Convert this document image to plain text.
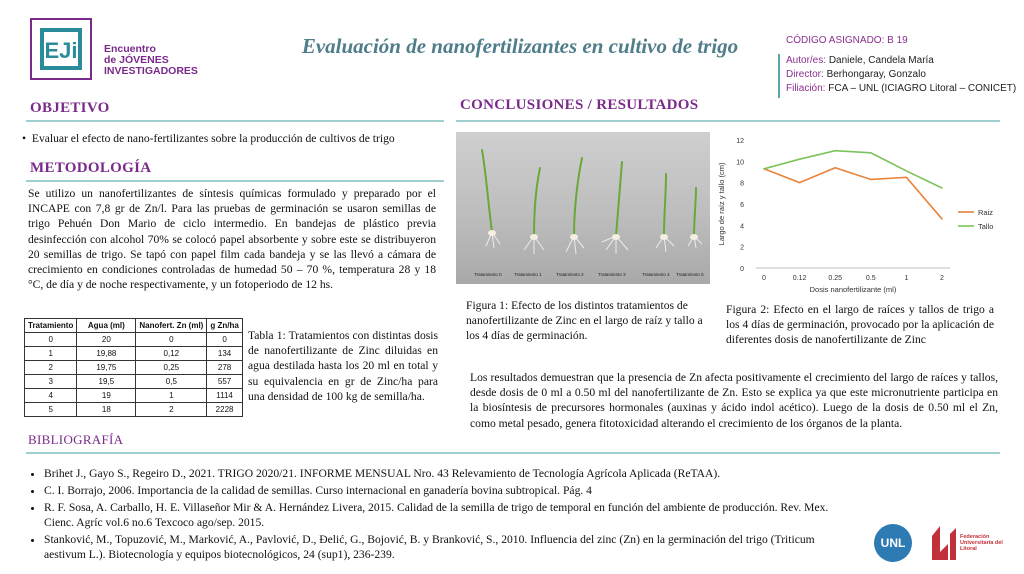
EJi	Encuentro
de JÓVENES
INVESTIGADORES
Evaluación de nanofertilizantes en cultivo de trigo	CÓDIGO ASIGNADO: B 19
Autor/es: Daniele, Candela María
Director: Berhongaray, Gonzalo
Filiación: FCA – UNL (ICIAGRO Litoral – CONICET)
OBJETIVO
•  Evaluar el efecto de nano-fertilizantes sobre la producción de cultivos de trigo
METODOLOGÍA
Se utilizo un nanofertilizantes de síntesis químicas formulado y preparado por el INCAPE con 7,8 gr de Zn/l. Para las pruebas de germinación se usaron semillas de trigo Pehuén Don Mario de ciclo intermedio. En bandejas de plástico previa desinfección con alcohol 70% se colocó papel absorbente y sobre este se distribuyeron 20 semillas de trigo. Se tapó con papel film cada bandeja y se las llevó a cámara de crecimiento en condiciones controladas de humedad 50 – 70 %, temperatura 28 y 18 °C, de día y de noche respectivamente, y un fotoperiodo de 12 hs.
Tratamiento	Agua (ml)	Nanofert. Zn (ml)	g Zn/ha
0	20	0	0
1	19,88	0,12	134
2	19,75	0,25	278
3	19,5	0,5	557
4	19	1	1114
5	18	2	2228
Tabla 1: Tratamientos con distintas dosis de nanofertilizante de Zinc diluidas en agua destilada hasta los 20 ml en total y su equivalencia en gr de Zinc/ha para una densidad de 100 kg de semilla/ha.
CONCLUSIONES / RESULTADOS
Tratamiento 0	Tratamiento 1	Tratamiento 2	Tratamiento 3	Tratamiento 4 Tratamiento 5
Figura 1: Efecto de los distintos tratamientos de nanofertilizante de Zinc en el largo de raíz y tallo a los 4 días de germinación.
0
2
4
6
8
10
12
0	0.12	0.25	0.5	1	2
Dosis nanofertilizante (ml)
Largo de raíz y tallo (cm)	Raiz
Tallo
Figura 2: Efecto en el largo de raíces y tallos de trigo a los 4 días de germinación, provocado por la aplicación de diferentes dosis de nanofertilizante de Zinc
Los resultados demuestran que la presencia de Zn afecta positivamente el crecimiento del largo de raíces y tallos, desde dosis de 0 ml a 0.50 ml del nanofertilizante de Zn. Esto se explica ya que este micronutriente participa en la biosíntesis de precursores hormonales (auxinas y ácido indol acético). Luego de la dosis de 0.50 ml el Zn, como metal pesado, genera fitotoxicidad alterando el crecimiento de los órganos de la planta.
BIBLIOGRAFÍA
• Brihet J., Gayo S., Regeiro D., 2021. TRIGO 2020/21. INFORME MENSUAL Nro. 43 Relevamiento de Tecnología Agrícola Aplicada (ReTAA).
• C. I. Borrajo, 2006. Importancia de la calidad de semillas. Curso internacional en ganadería bovina subtropical. Pág. 4
• R. F. Sosa, A. Carballo, H. E. Villaseñor Mir & A. Hernández Livera, 2015. Calidad de la semilla de trigo de temporal en función del ambiente de producción. Rev. Mex. Cienc. Agríc vol.6 no.6 Texcoco ago/sep. 2015.
• Stanković, M., Topuzović, M., Marković, A., Pavlović, D., Đelić, G., Bojović, B. y Branković, S., 2010. Influencia del zinc (Zn) en la germinación del trigo (Triticum aestivum L.). Biotecnología y equipos biotecnológicos, 24 (sup1), 236-239.
UNL	Federación Universitaria del Litoral
